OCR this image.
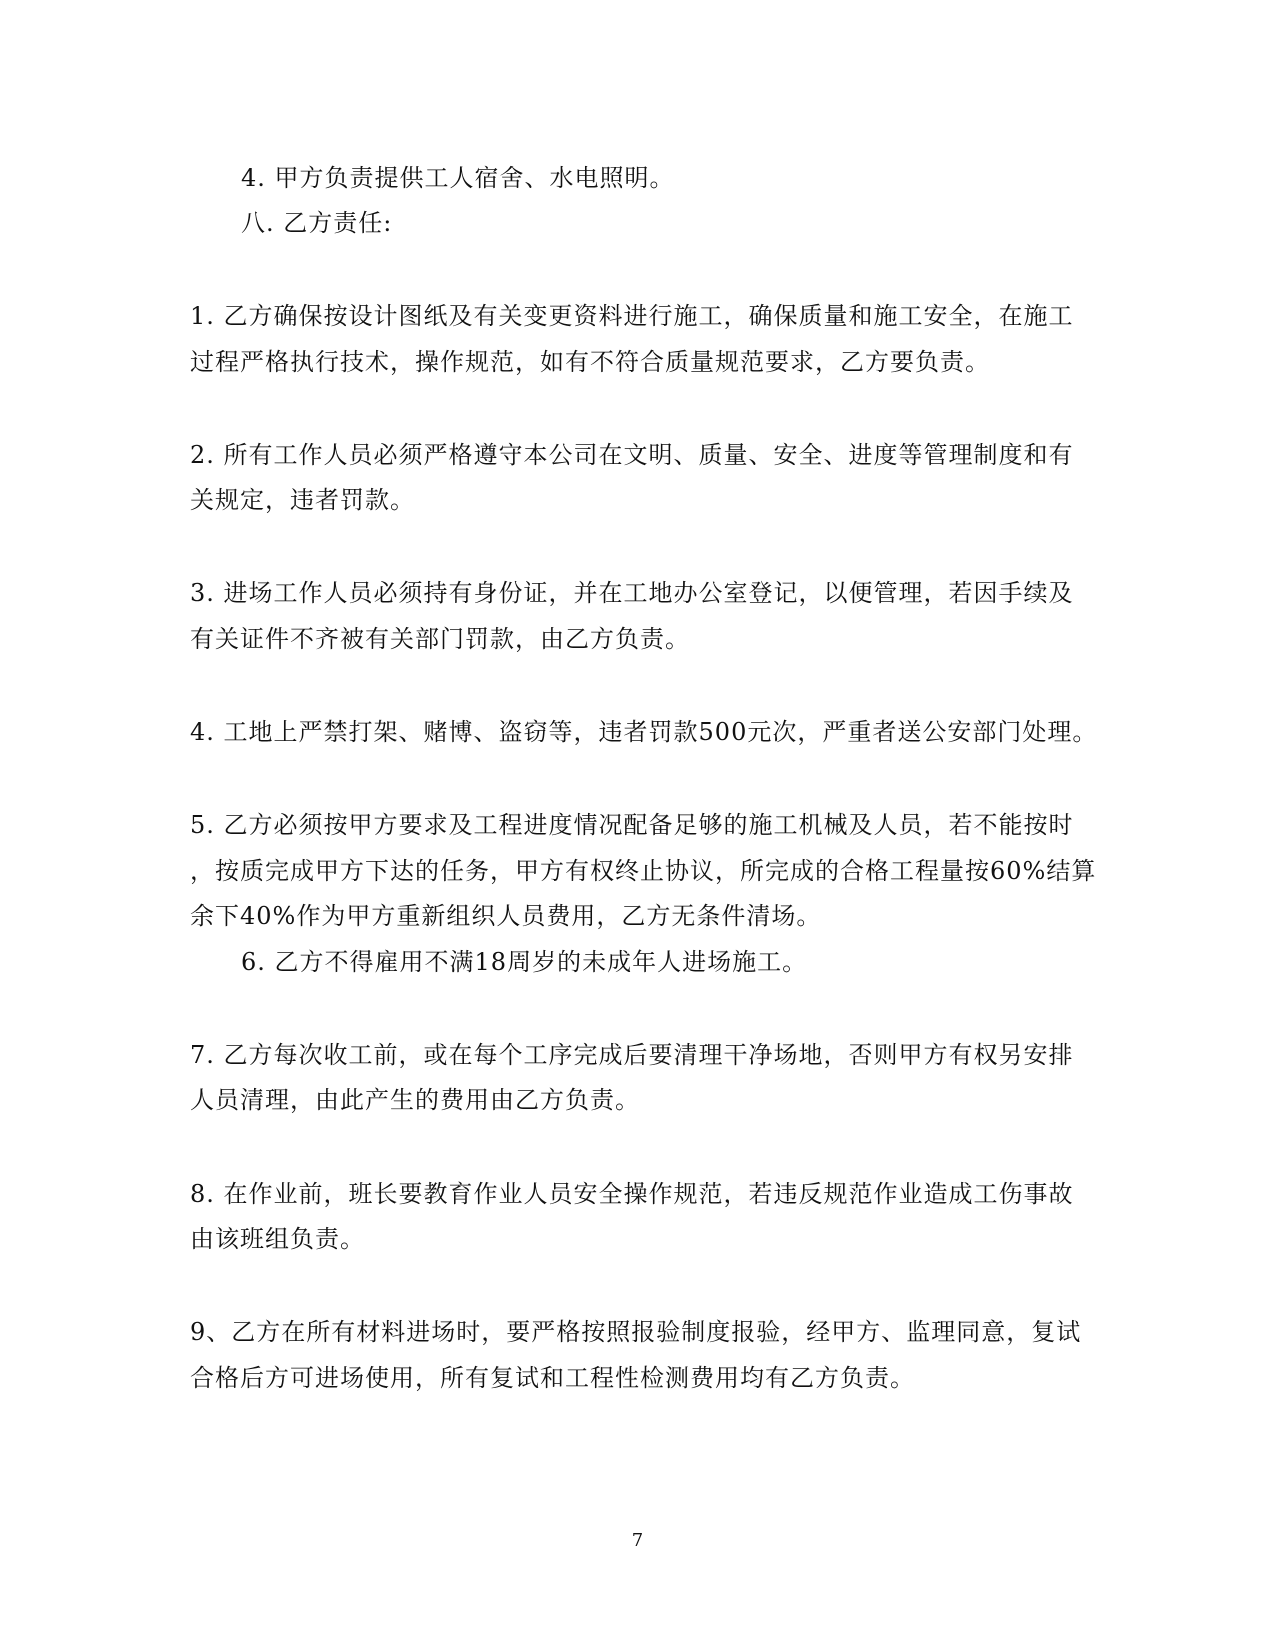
4. 甲方负责提供工人宿舍、水电照明。
八. 乙方责任:
1. 乙方确保按设计图纸及有关变更资料进行施工，确保质量和施工安全，在施工
过程严格执行技术，操作规范，如有不符合质量规范要求，乙方要负责。
2. 所有工作人员必须严格遵守本公司在文明、质量、安全、进度等管理制度和有
关规定，违者罚款。
3. 进场工作人员必须持有身份证，并在工地办公室登记，以便管理，若因手续及
有关证件不齐被有关部门罚款，由乙方负责。
4. 工地上严禁打架、赌博、盗窃等，违者罚款500元次，严重者送公安部门处理。
5. 乙方必须按甲方要求及工程进度情况配备足够的施工机械及人员，若不能按时
，按质完成甲方下达的任务，甲方有权终止协议，所完成的合格工程量按60%结算
余下40%作为甲方重新组织人员费用，乙方无条件清场。
6. 乙方不得雇用不满18周岁的未成年人进场施工。
7. 乙方每次收工前，或在每个工序完成后要清理干净场地，否则甲方有权另安排
人员清理，由此产生的费用由乙方负责。
8. 在作业前，班长要教育作业人员安全操作规范，若违反规范作业造成工伤事故
由该班组负责。
9、乙方在所有材料进场时，要严格按照报验制度报验，经甲方、监理同意，复试
合格后方可进场使用，所有复试和工程性检测费用均有乙方负责。
7
